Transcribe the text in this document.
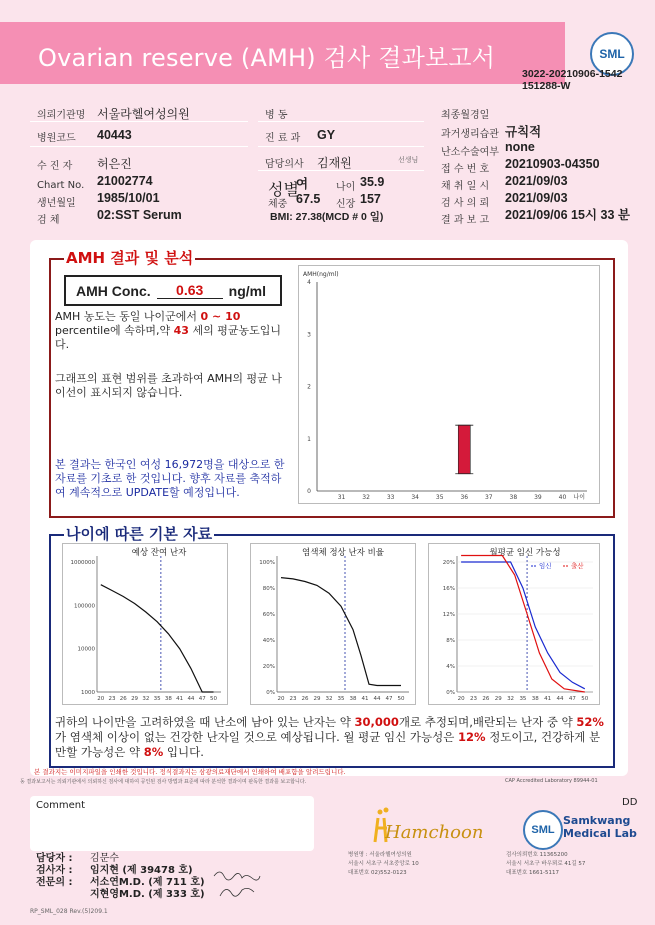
Ovarian reserve (AMH) 검사 결과보고서	SML
3022-20210906-1542
151288-W
의뢰기관명 서울라헬여성의원
병원코드 40443
수 진 자 허은진
Chart No. 21002774
생년월일 1985/10/01
검 체	02:SST Serum
병 동
진 료 과 GY
담당의사 김재원	선생님
성별
여	나이 35.9
체중 67.5 신장 157
BMI: 27.38(MCD # 0 일)
최종월경일
과거생리습관 규칙적
난소수술여부 none
접 수 번 호 20210903-04350
채 취 일 시 2021/09/03
검 사 의 뢰 2021/09/03
결 과 보 고 2021/09/06 15시 33 분
AMH 결과 및 분석
AMH Conc.	0.63	ng/ml
AMH 농도는 동일 나이군에서 0 ~ 10
percentile에 속하며,약 43 세의 평균농도입니다.
그래프의 표현 범위를 초과하여 AMH의 평균 나이선이 표시되지 않습니다.
본 결과는 한국인 여성 16,972명을 대상으로 한 자료를 기초로 한 것입니다. 향후 자료를 축적하여 계속적으로 UPDATE할 예정입니다.
AMH(ng/ml)
0
1
2
3
4
31	32	33	34	35	36	37	38	39	40 나이
나이에 따른 기본 자료
예상 잔여 난자
1000000
100000
10000
1000
20 23 26 29 32 35 38 41 44 47 50
염색체 정상 난자 비율
100%
80%
60%
40%
20%
0%
20 23 26 29 32 35 38 41 44 47 50
월평균 임신 가능성
20%
16%
12%
8%
4%
0%
20 23 26 29 32 35 38 41 44 47 50
임신	출산
귀하의 나이만을 고려하였을 때 난소에 남아 있는 난자는 약 30,000개로 추정되며,배란되는 난자 중 약 52%가 염색체 이상이 없는 건강한 난자일 것으로 예상됩니다. 월 평균 임신 가능성은 12% 정도이고, 건강하게 분만할 가능성은 약 8% 입니다.
본 결과지는 이미지파일을 인쇄한 것입니다. 정식결과지는 삼광의료재단에서 인쇄하여 배포함을 알려드립니다.
동 결과보고서는 의뢰기관에서 의뢰하신 검사에 대하여 공인된 검사 방법과 표준에 따라 분석한 결과이며 판독한 결과를 보고합니다.	CAP Accredited Laboratory 89944-01
Comment	DD
담당자 : 김문수
검사자 : 임지현 (제 39478 호)
전문의 : 서소연M.D. (제 711 호)
지현영M.D. (제 333 호)
Hamchoon
병원명 : 서울라헬여성의원
서울시 서초구 서초중앙로 10
대표번호 02)552-0123
SML
Samkwang
Medical Lab
검사의뢰번호 11365200
서울시 서초구 바우뫼로 41길 57
대표번호 1661-5117
RP_SML_028 Rev.(5)209.1
